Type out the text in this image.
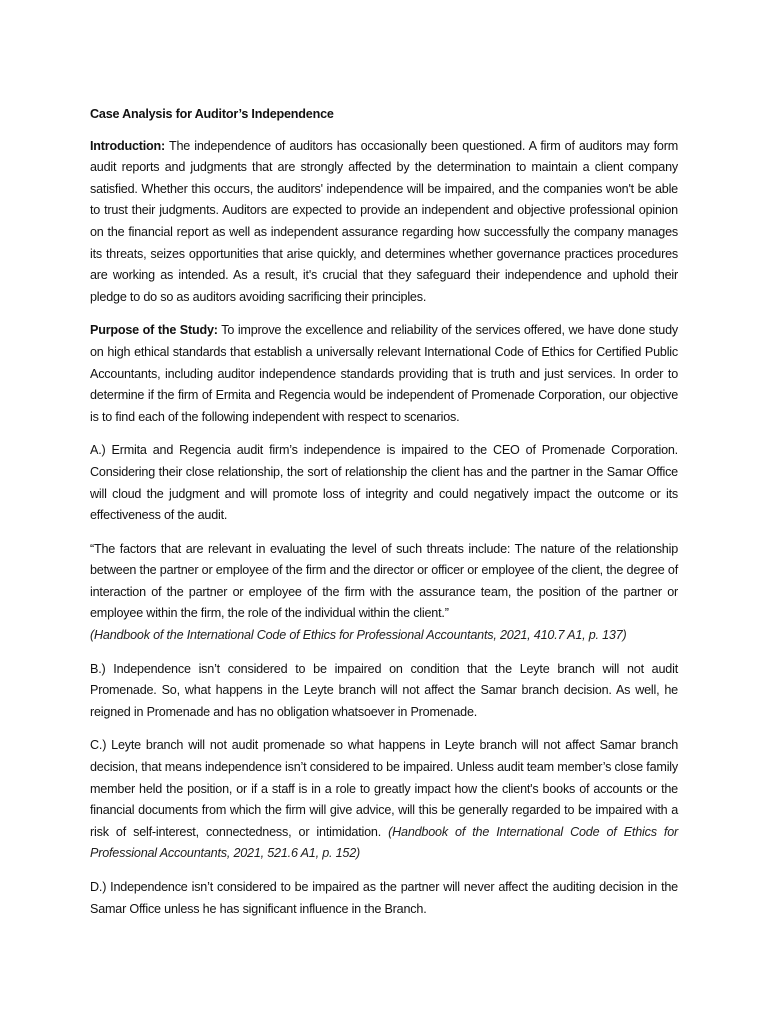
Case Analysis for Auditor’s Independence

Introduction: The independence of auditors has occasionally been questioned. A firm of auditors may form audit reports and judgments that are strongly affected by the determination to maintain a client company satisfied. Whether this occurs, the auditors' independence will be impaired, and the companies won't be able to trust their judgments. Auditors are expected to provide an independent and objective professional opinion on the financial report as well as independent assurance regarding how successfully the company manages its threats, seizes opportunities that arise quickly, and determines whether governance practices procedures are working as intended. As a result, it's crucial that they safeguard their independence and uphold their pledge to do so as auditors avoiding sacrificing their principles.

Purpose of the Study: To improve the excellence and reliability of the services offered, we have done study on high ethical standards that establish a universally relevant International Code of Ethics for Certified Public Accountants, including auditor independence standards providing that is truth and just services. In order to determine if the firm of Ermita and Regencia would be independent of Promenade Corporation, our objective is to find each of the following independent with respect to scenarios.

A.) Ermita and Regencia audit firm’s independence is impaired to the CEO of Promenade Corporation. Considering their close relationship, the sort of relationship the client has and the partner in the Samar Office will cloud the judgment and will promote loss of integrity and could negatively impact the outcome or its effectiveness of the audit.

“The factors that are relevant in evaluating the level of such threats include: The nature of the relationship between the partner or employee of the firm and the director or officer or employee of the client, the degree of interaction of the partner or employee of the firm with the assurance team, the position of the partner or employee within the firm, the role of the individual within the client.”
(Handbook of the International Code of Ethics for Professional Accountants, 2021, 410.7 A1, p. 137)

B.) Independence isn’t considered to be impaired on condition that the Leyte branch will not audit Promenade. So, what happens in the Leyte branch will not affect the Samar branch decision. As well, he reigned in Promenade and has no obligation whatsoever in Promenade.

C.) Leyte branch will not audit promenade so what happens in Leyte branch will not affect Samar branch decision, that means independence isn’t considered to be impaired. Unless audit team member’s close family member held the position, or if a staff is in a role to greatly impact how the client's books of accounts or the financial documents from which the firm will give advice, will this be generally regarded to be impaired with a risk of self-interest, connectedness, or intimidation. (Handbook of the International Code of Ethics for Professional Accountants, 2021, 521.6 A1, p. 152)

D.) Independence isn’t considered to be impaired as the partner will never affect the auditing decision in the Samar Office unless he has significant influence in the Branch.
